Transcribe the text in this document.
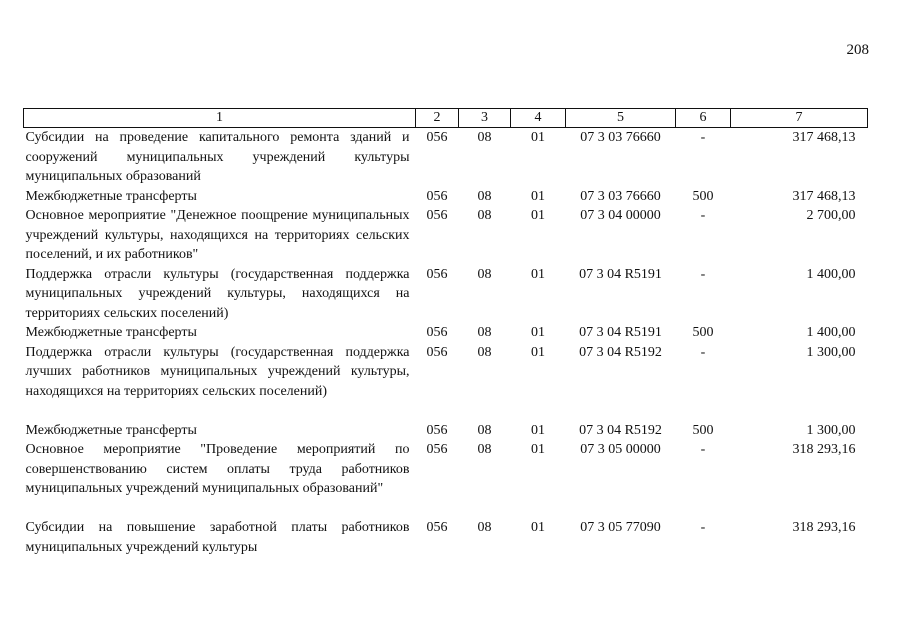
208
1	2	3	4	5	6	7
Субсидии на проведение капитального ремонта зданий и сооружений муниципальных учреждений культуры муниципальных образований	056	08	01	07 3 03 76660	-	317 468,13
Межбюджетные трансферты	056	08	01	07 3 03 76660	500	317 468,13
Основное мероприятие "Денежное поощрение муниципальных учреждений культуры, находящихся на территориях сельских поселений, и их работников"	056	08	01	07 3 04 00000	-	2 700,00
Поддержка отрасли культуры (государственная поддержка муниципальных учреждений культуры, находящихся на территориях сельских поселений)	056	08	01	07 3 04 R5191	-	1 400,00
Межбюджетные трансферты	056	08	01	07 3 04 R5191	500	1 400,00
Поддержка отрасли культуры (государственная поддержка лучших работников муниципальных учреждений культуры, находящихся на территориях сельских поселений)	056	08	01	07 3 04 R5192	-	1 300,00
Межбюджетные трансферты	056	08	01	07 3 04 R5192	500	1 300,00
Основное мероприятие "Проведение мероприятий по совершенствованию систем оплаты труда работников муниципальных учреждений муниципальных образований"	056	08	01	07 3 05 00000	-	318 293,16
Субсидии на повышение заработной платы работников муниципальных учреждений культуры	056	08	01	07 3 05 77090	-	318 293,16
